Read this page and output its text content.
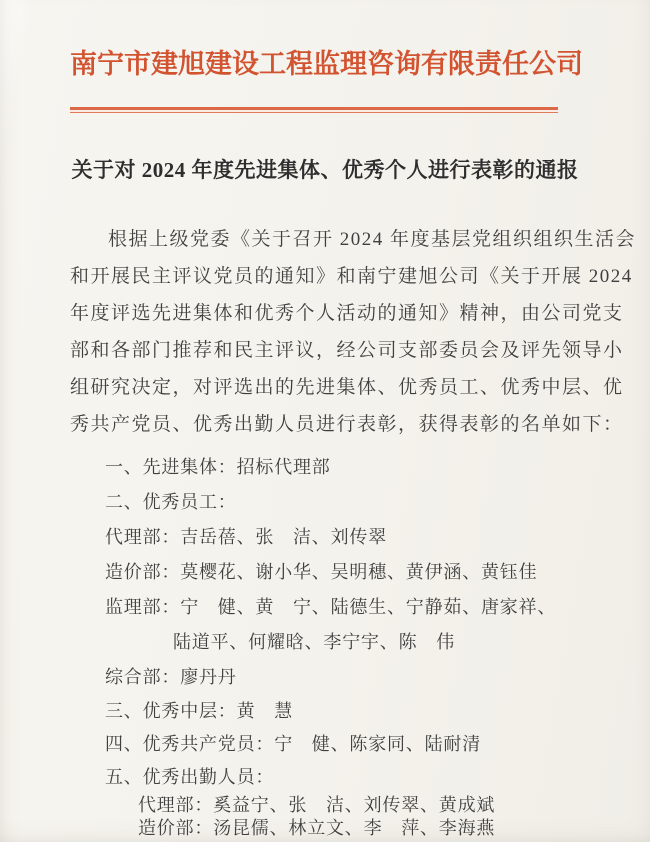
南宁市建旭建设工程监理咨询有限责任公司
关于对 2024 年度先进集体、优秀个人进行表彰的通报
根据上级党委《关于召开 2024 年度基层党组织组织生活会
和开展民主评议党员的通知》和南宁建旭公司《关于开展 2024
年度评选先进集体和优秀个人活动的通知》精神，由公司党支
部和各部门推荐和民主评议，经公司支部委员会及评先领导小
组研究决定，对评选出的先进集体、优秀员工、优秀中层、优
秀共产党员、优秀出勤人员进行表彰，获得表彰的名单如下：
一、先进集体：招标代理部
二、优秀员工：
代理部：吉岳蓓、张　洁、刘传翠
造价部：莫樱花、谢小华、吴明穗、黄伊涵、黄钰佳
监理部：宁　健、黄　宁、陆德生、宁静茹、唐家祥、
陆道平、何耀晗、李宁宇、陈　伟
综合部：廖丹丹
三、优秀中层：黄　慧
四、优秀共产党员：宁　健、陈家同、陆耐清
五、优秀出勤人员：
代理部：奚益宁、张　洁、刘传翠、黄成斌
造价部：汤昆儒、林立文、李　萍、李海燕
